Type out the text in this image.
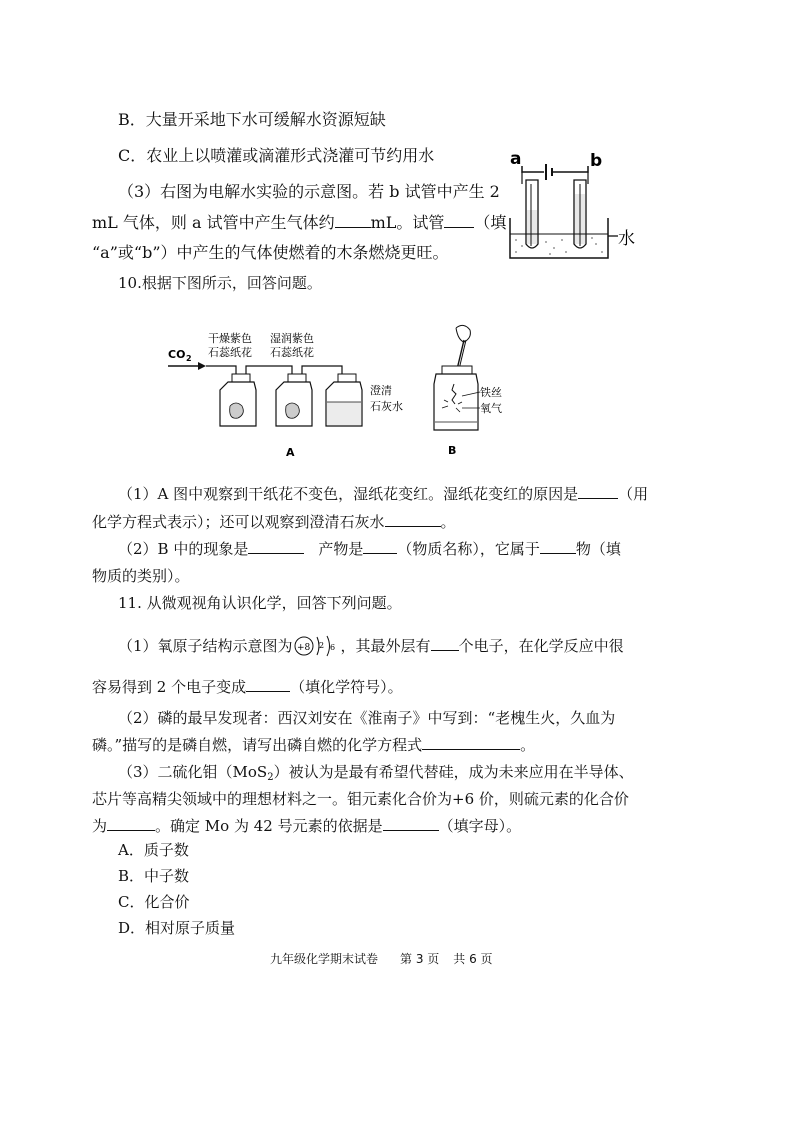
B．大量开采地下水可缓解水资源短缺
C．农业上以喷灌或滴灌形式浇灌可节约用水
（3）右图为电解水实验的示意图。若 b 试管中产生 2
mL 气体，则 a 试管中产生气体约 mL。试管 （填
“a”或“b”）中产生的气体使燃着的木条燃烧更旺。
a	b
水
10.根据下图所示，回答问题。
干燥紫色
石蕊纸花
湿润紫色
石蕊纸花
CO 2
澄清
石灰水
A
铁丝
氧气
B
（1）A 图中观察到干纸花不变色，湿纸花变红。湿纸花变红的原因是	（用
化学方程式表示）；还可以观察到澄清石灰水	。
（2）B 中的现象是	产物是 （物质名称），它属于 物（填
物质的类别）。
11. 从微观视角认识化学，回答下列问题。
（1）氧原子结构示意图为 +8 2 6 ，其最外层有 个电子，在化学反应中很
容易得到 2 个电子变成	（填化学符号）。
（2）磷的最早发现者：西汉刘安在《淮南子》中写到：“老槐生火，久血为
磷。”描写的是磷自燃，请写出磷自燃的化学方程式	。
（3）二硫化钼（MoS$_2$）被认为是最有希望代替硅，成为未来应用在半导体、
芯片等高精尖领域中的理想材料之一。钼元素化合价为+6 价，则硫元素的化合价
为	。确定 Mo 为 42 号元素的依据是	（填字母）。
A．质子数
B．中子数
C．化合价
D．相对原子质量
九年级化学期末试卷 第 3 页 共 6 页
